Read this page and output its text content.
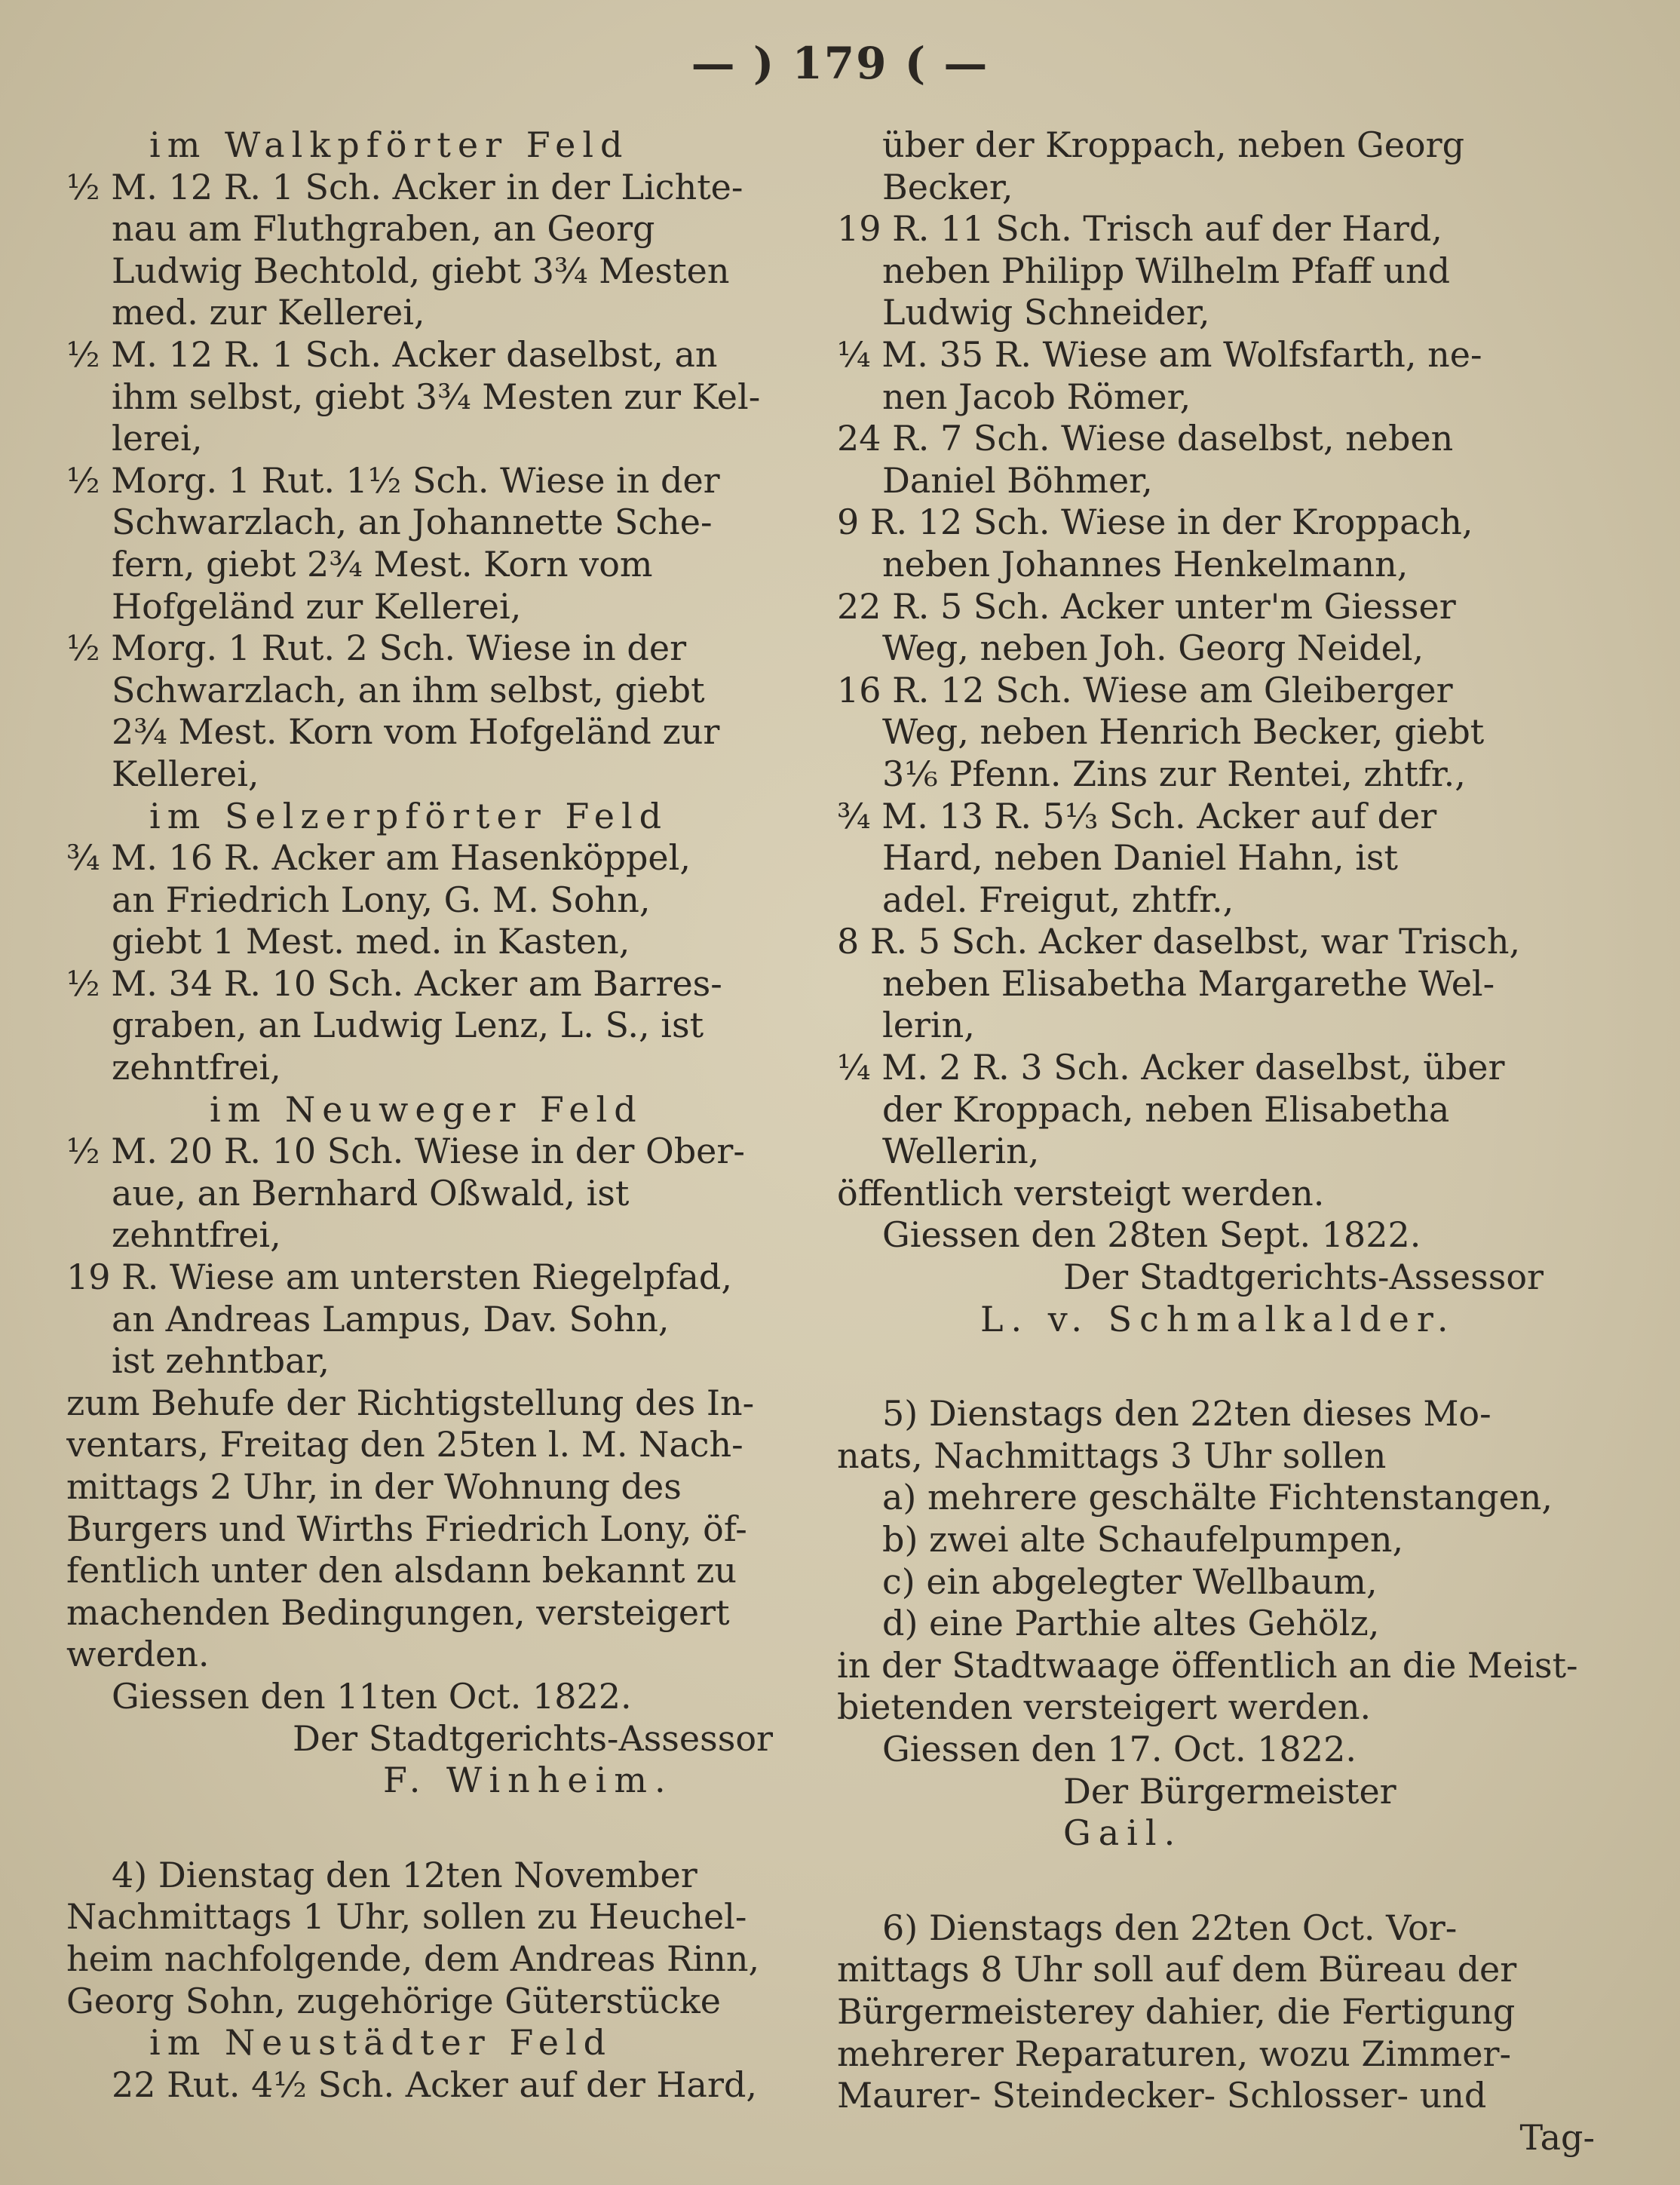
— ) 179 ( —
im Walkpförter Feld
½ M. 12 R. 1 Sch. Acker in der Lichte-
nau am Fluthgraben, an Georg
Ludwig Bechtold, giebt 3¾ Mesten
med. zur Kellerei,
½ M. 12 R. 1 Sch. Acker daselbst, an
ihm selbst, giebt 3¾ Mesten zur Kel-
lerei,
½ Morg. 1 Rut. 1½ Sch. Wiese in der
Schwarzlach, an Johannette Sche-
fern, giebt 2¾ Mest. Korn vom
Hofgeländ zur Kellerei,
½ Morg. 1 Rut. 2 Sch. Wiese in der
Schwarzlach, an ihm selbst, giebt
2¾ Mest. Korn vom Hofgeländ zur
Kellerei,
im Selzerpförter Feld
¾ M. 16 R. Acker am Hasenköppel,
an Friedrich Lony, G. M. Sohn,
giebt 1 Mest. med. in Kasten,
½ M. 34 R. 10 Sch. Acker am Barres-
graben, an Ludwig Lenz, L. S., ist
zehntfrei,
im Neuweger Feld
½ M. 20 R. 10 Sch. Wiese in der Ober-
aue, an Bernhard Oßwald, ist
zehntfrei,
19 R. Wiese am untersten Riegelpfad,
an Andreas Lampus, Dav. Sohn,
ist zehntbar,
zum Behufe der Richtigstellung des In-
ventars, Freitag den 25ten l. M. Nach-
mittags 2 Uhr, in der Wohnung des
Burgers und Wirths Friedrich Lony, öf-
fentlich unter den alsdann bekannt zu
machenden Bedingungen, versteigert
werden.
Giessen den 11ten Oct. 1822.
Der Stadtgerichts-Assessor
F. Winheim.
4) Dienstag den 12ten November
Nachmittags 1 Uhr, sollen zu Heuchel-
heim nachfolgende, dem Andreas Rinn,
Georg Sohn, zugehörige Güterstücke
im Neustädter Feld
22 Rut. 4½ Sch. Acker auf der Hard,
über der Kroppach, neben Georg
Becker,
19 R. 11 Sch. Trisch auf der Hard,
neben Philipp Wilhelm Pfaff und
Ludwig Schneider,
¼ M. 35 R. Wiese am Wolfsfarth, ne-
nen Jacob Römer,
24 R. 7 Sch. Wiese daselbst, neben
Daniel Böhmer,
9 R. 12 Sch. Wiese in der Kroppach,
neben Johannes Henkelmann,
22 R. 5 Sch. Acker unter'm Giesser
Weg, neben Joh. Georg Neidel,
16 R. 12 Sch. Wiese am Gleiberger
Weg, neben Henrich Becker, giebt
3⅙ Pfenn. Zins zur Rentei, zhtfr.,
¾ M. 13 R. 5⅓ Sch. Acker auf der
Hard, neben Daniel Hahn, ist
adel. Freigut, zhtfr.,
8 R. 5 Sch. Acker daselbst, war Trisch,
neben Elisabetha Margarethe Wel-
lerin,
¼ M. 2 R. 3 Sch. Acker daselbst, über
der Kroppach, neben Elisabetha
Wellerin,
öffentlich versteigt werden.
Giessen den 28ten Sept. 1822.
Der Stadtgerichts-Assessor
L. v. Schmalkalder.
5) Dienstags den 22ten dieses Mo-
nats, Nachmittags 3 Uhr sollen
a) mehrere geschälte Fichtenstangen,
b) zwei alte Schaufelpumpen,
c) ein abgelegter Wellbaum,
d) eine Parthie altes Gehölz,
in der Stadtwaage öffentlich an die Meist-
bietenden versteigert werden.
Giessen den 17. Oct. 1822.
Der Bürgermeister
Gail.
6) Dienstags den 22ten Oct. Vor-
mittags 8 Uhr soll auf dem Büreau der
Bürgermeisterey dahier, die Fertigung
mehrerer Reparaturen, wozu Zimmer-
Maurer- Steindecker- Schlosser- und
Tag-
